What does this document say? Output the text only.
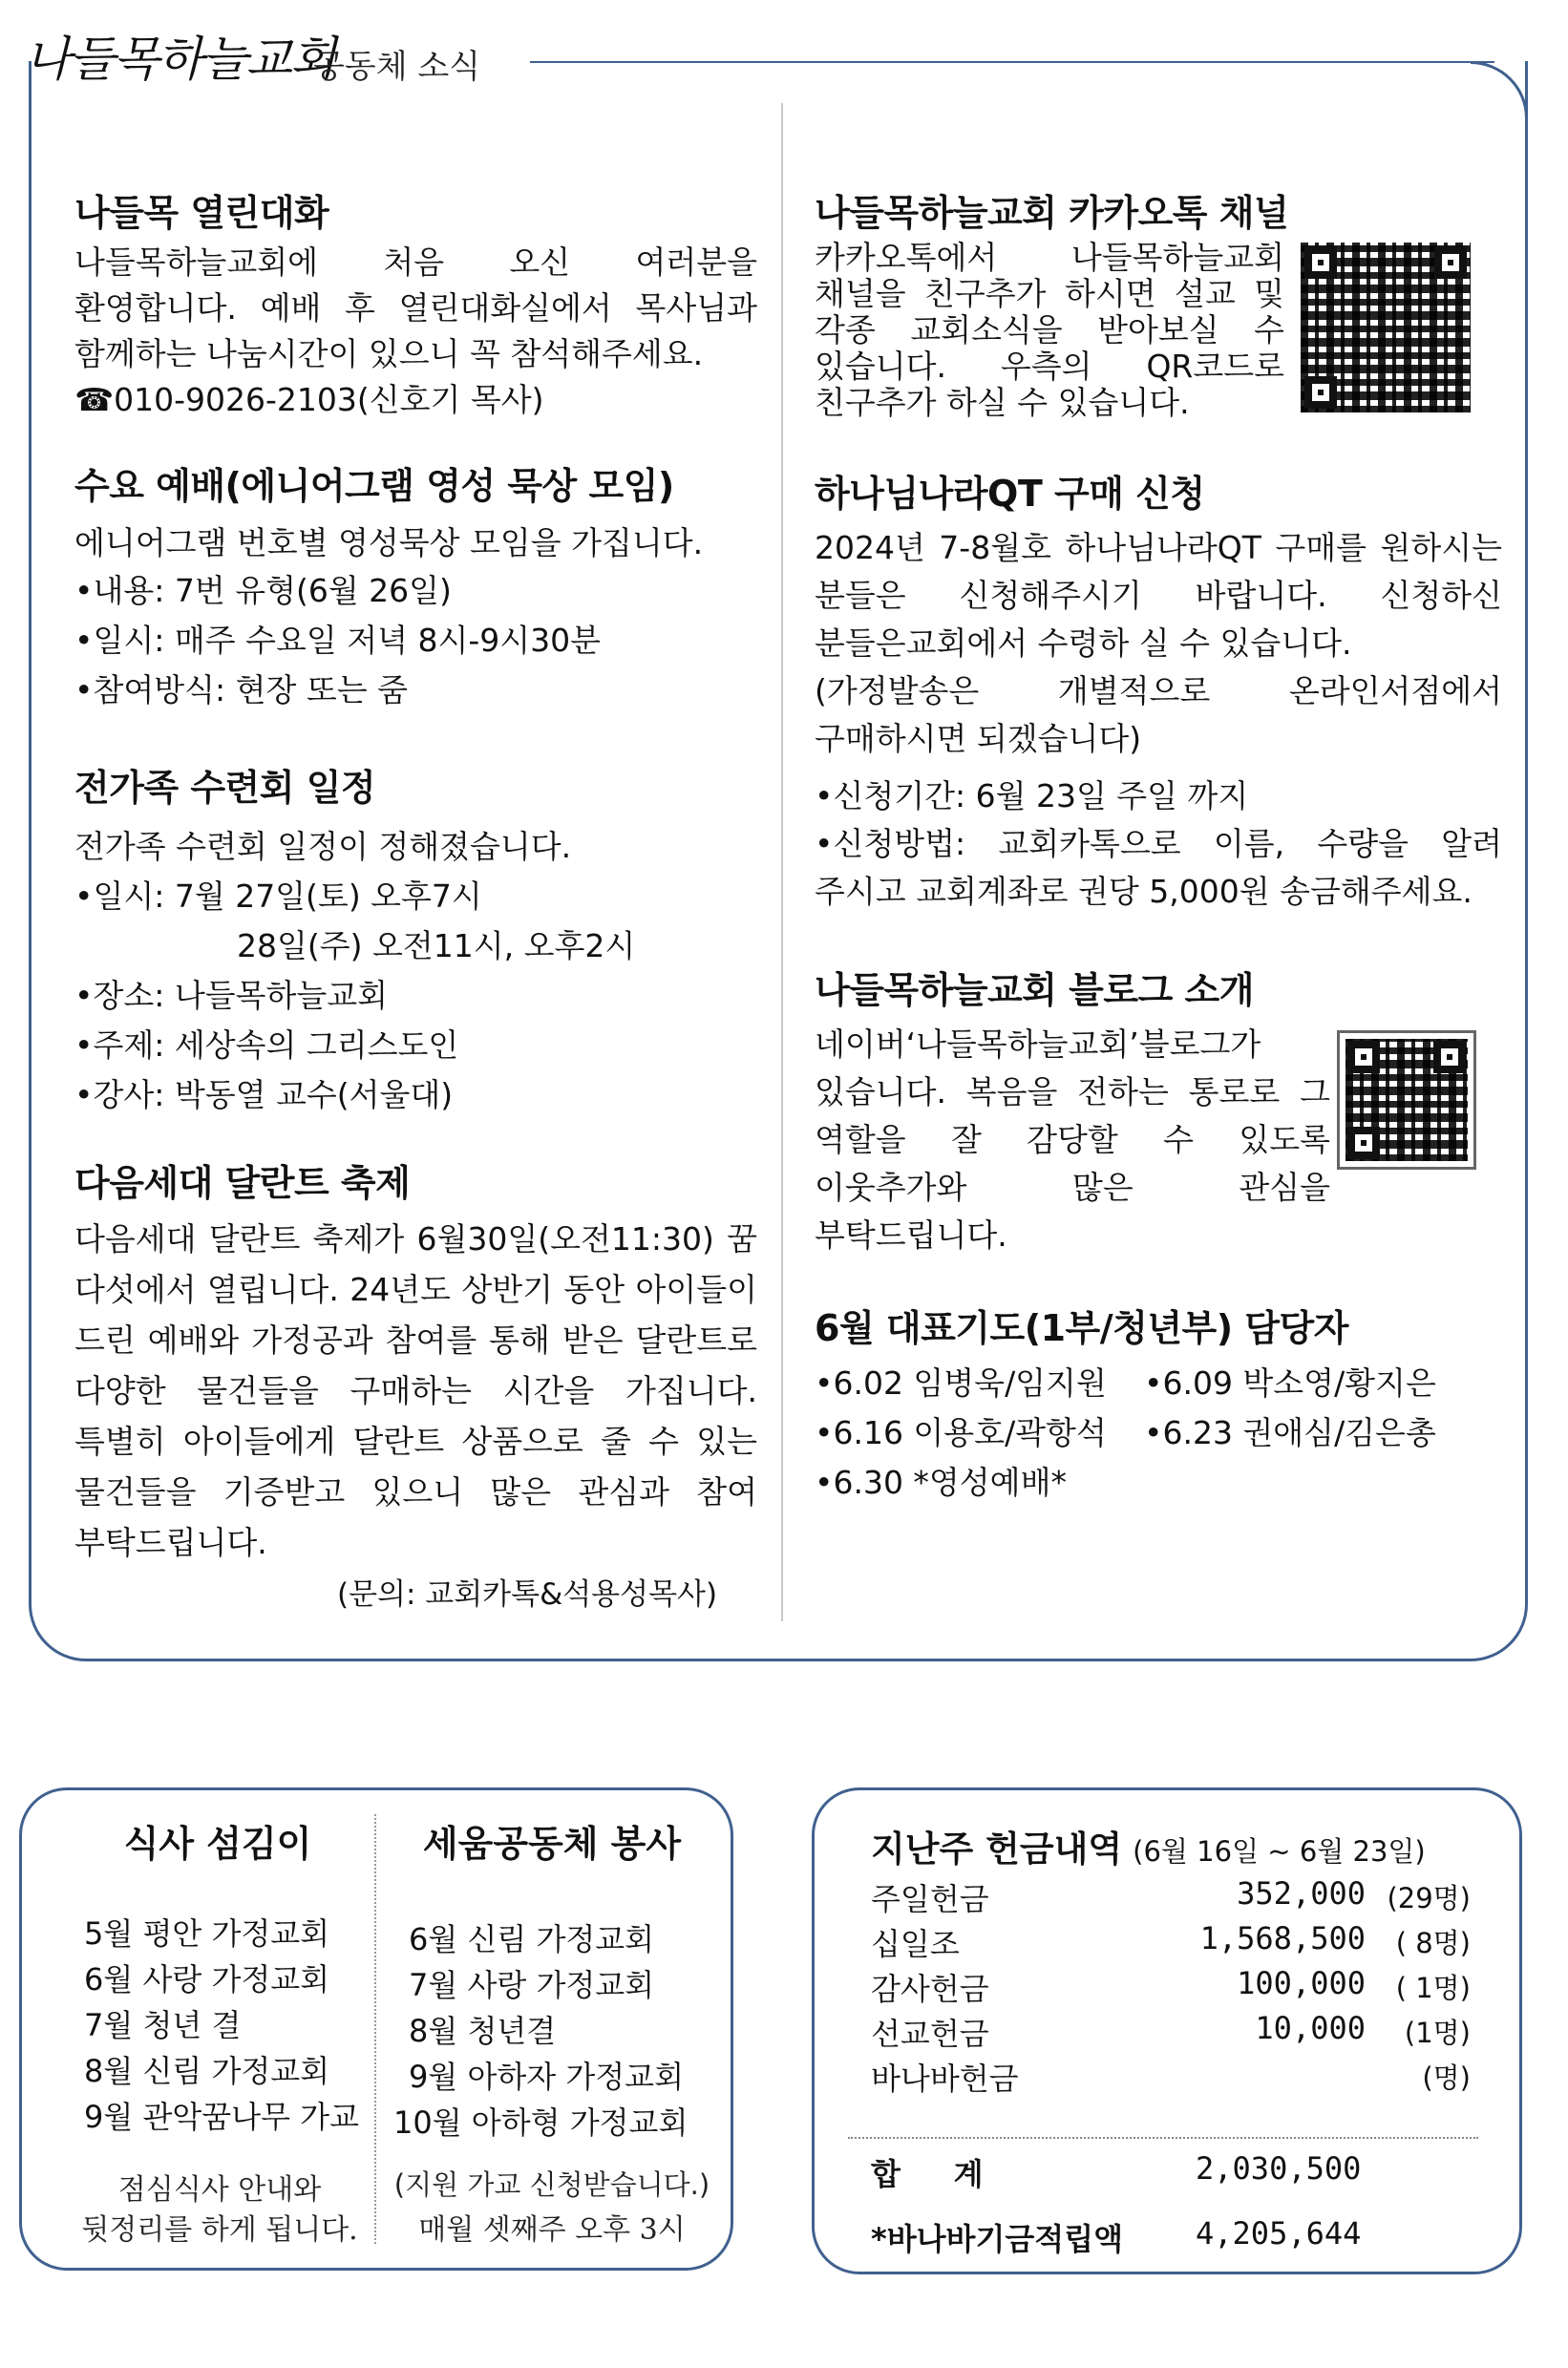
나들목하늘교회
공동체 소식
나들목 열린대화

나들목하늘교회에 처음 오신 여러분을 환영합니다. 예배 후 열린대화실에서 목사님과 함께하는 나눔시간이 있으니 꼭 참석해주세요.

☎010-9026-2103(신호기 목사)

수요 예배(에니어그램 영성 묵상 모임)

에니어그램 번호별 영성묵상 모임을 가집니다.

•내용: 7번 유형(6월 26일)

•일시: 매주 수요일 저녁 8시-9시30분

•참여방식: 현장 또는 줌

전가족 수련회 일정

전가족 수련회 일정이 정해졌습니다.

•일시: 7월 27일(토) 오후7시

28일(주) 오전11시, 오후2시

•장소: 나들목하늘교회

•주제: 세상속의 그리스도인

•강사: 박동열 교수(서울대)

다음세대 달란트 축제

다음세대 달란트 축제가 6월30일(오전11:30) 꿈 다섯에서 열립니다. 24년도 상반기 동안 아이들이 드린 예배와 가정공과 참여를 통해 받은 달란트로 다양한 물건들을 구매하는 시간을 가집니다. 특별히 아이들에게 달란트 상품으로 줄 수 있는 물건들을 기증받고 있으니 많은 관심과 참여 부탁드립니다.

(문의: 교회카톡&석용성목사)

나들목하늘교회 카카오톡 채널

카카오톡에서 나들목하늘교회 채널을 친구추가 하시면 설교 및 각종 교회소식을 받아보실 수 있습니다. 우측의 QR코드로 친구추가 하실 수 있습니다.

하나님나라QT 구매 신청

2024년 7-8월호 하나님나라QT 구매를 원하시는 분들은 신청해주시기 바랍니다. 신청하신 분들은교회에서 수령하 실 수 있습니다.

(가정발송은 개별적으로 온라인서점에서 구매하시면 되겠습니다)

•신청기간: 6월 23일 주일 까지

•신청방법: 교회카톡으로 이름, 수량을 알려 주시고 교회계좌로 권당 5,000원 송금해주세요.

나들목하늘교회 블로그 소개

네이버‘나들목하늘교회’블로그가 있습니다. 복음을 전하는 통로로 그 역할을 잘 감당할 수 있도록 이웃추가와 많은 관심을 부탁드립니다.

6월 대표기도(1부/청년부) 담당자

•6.02 임병욱/임지원	•6.09 박소영/황지은

•6.16 이용호/곽항석	•6.23 권애심/김은총

•6.30 *영성예배*

식사 섬김이
5월 평안 가정교회
6월 사랑 가정교회
7월 청년 결
8월 신림 가정교회
9월 관악꿈나무 가교
점심식사 안내와
뒷정리를 하게 됩니다.
세움공동체 봉사
6월 신림 가정교회
7월 사랑 가정교회
8월 청년결
9월 아하자 가정교회
10월 아하형 가정교회
(지원 가교 신청받습니다.)
매월 셋째주 오후 3시
지난주 헌금내역 (6월 16일 ~ 6월 23일)
주일헌금	352,000 (29명)
십일조	1,568,500	( 8명)
감사헌금	100,000	( 1명)
선교헌금	10,000	(1명)
바나바헌금	(명)
합     계	2,030,500
*바나바기금적립액 4,205,644
